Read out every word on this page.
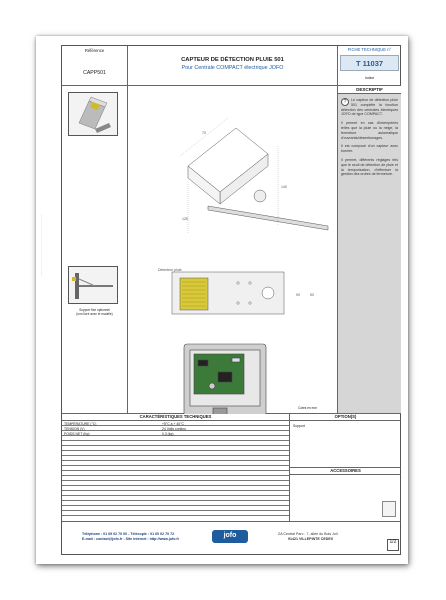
Référence
CAPP501
CAPTEUR DE DÉTECTION PLUIE 501
Pour Centrale COMPACT électrique JOFO
FICHE TECHNIQUE n°
T 11037
Indice
Support fixe optionnel
(non livré avec le modèle)
70
125
140
Détecteur pluie
90	50
Cotes en mm
DESCRIPTIF
?	Le capteur de détection pluie 501 complète la fonction détection des centrales électriques JOFO de type COMPACT.

Il permet en cas d'intempéries telles que la pluie ou la neige, la fermeture automatique d'ouvrants/désenfumages.

Il est composé d'un capteur avec bornier.

Il permet, différents réglages tels que le seuil de détection de pluie et la temporisation, d'effectuer la gestion des ordres de fermeture.

CARACTÉRISTIQUES TECHNIQUES
TEMPÉRATURE (°C)	+5°C à + 40°C
TENSION (V)	24 Volts continu
POIDS NET (Kg)	0,3 (kg)
OPTION(S)
Support
ACCESSOIRES
Téléphone : 01 69 02 70 00 - Télécopie : 01 60 02 70 72
E-mail : contact@jofo.fr - Site internet : http://www.jofo.fr	jofo	ZA Central Parc - 7, allée du Bois Joli
91421 VILLEPINTE CEDEX	1/2
········································································
